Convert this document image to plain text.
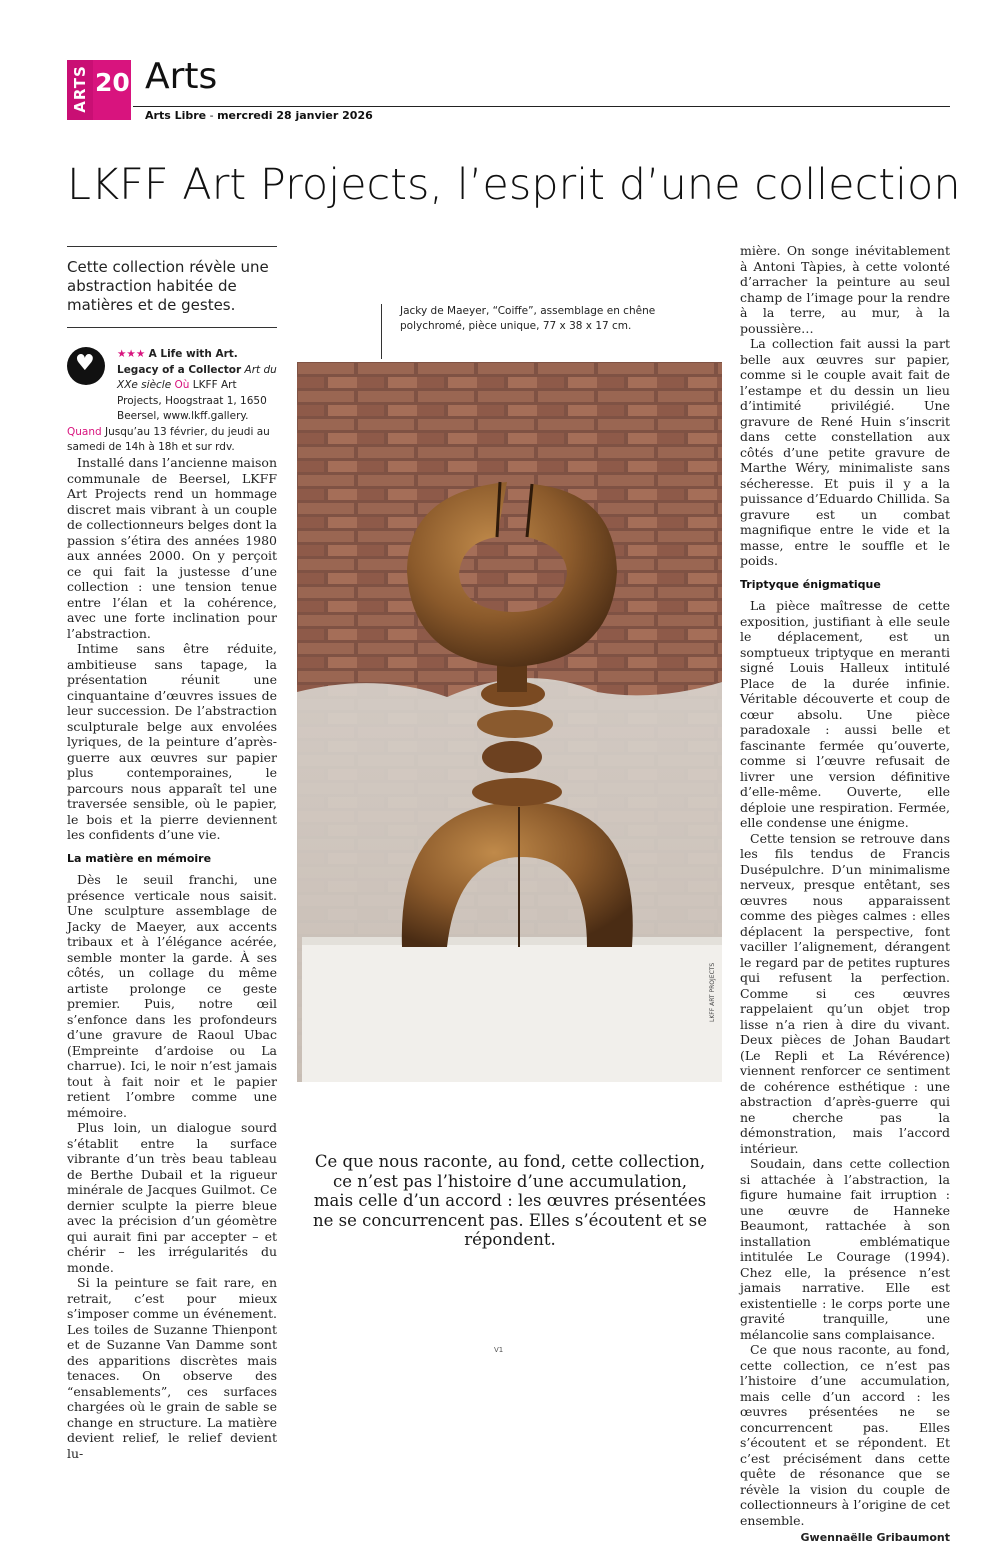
ARTS 20 Arts
Arts Libre - mercredi 28 janvier 2026
LKFF Art Projects, l’esprit d’une collection
Cette collection révèle une abstraction habitée de matières et de gestes.
♥	★★★ A Life with Art. Legacy of a Collector Art du XXe siècle Où LKFF Art Projects, Hoogstraat 1, 1650 Beersel, www.lkff.gallery.
Quand Jusqu’au 13 février, du jeudi au samedi de 14h à 18h et sur rdv.

Installé dans l’ancienne maison communale de Beersel, LKFF Art Projects rend un hommage discret mais vibrant à un couple de collectionneurs belges dont la passion s’étira des années 1980 aux années 2000. On y perçoit ce qui fait la justesse d’une collection : une tension tenue entre l’élan et la cohérence, avec une forte inclination pour l’abstraction.

Intime sans être réduite, ambitieuse sans tapage, la présentation réunit une cinquantaine d’œuvres issues de leur succession. De l’abstraction sculpturale belge aux envolées lyriques, de la peinture d’après-guerre aux œuvres sur papier plus contemporaines, le parcours nous apparaît tel une traversée sensible, où le papier, le bois et la pierre deviennent les confidents d’une vie.

La matière en mémoire

Dès le seuil franchi, une présence verticale nous saisit. Une sculpture assemblage de Jacky de Maeyer, aux accents tribaux et à l’élégance acérée, semble monter la garde. À ses côtés, un collage du même artiste prolonge ce geste premier. Puis, notre œil s’enfonce dans les profondeurs d’une gravure de Raoul Ubac (Empreinte d’ardoise ou La charrue). Ici, le noir n’est jamais tout à fait noir et le papier retient l’ombre comme une mémoire.

Plus loin, un dialogue sourd s’établit entre la surface vibrante d’un très beau tableau de Berthe Dubail et la rigueur minérale de Jacques Guilmot. Ce dernier sculpte la pierre bleue avec la précision d’un géomètre qui aurait fini par accepter – et chérir – les irrégularités du monde.

Si la peinture se fait rare, en retrait, c’est pour mieux s’imposer comme un événement. Les toiles de Suzanne Thienpont et de Suzanne Van Damme sont des apparitions discrètes mais tenaces. On observe des “ensablements”, ces surfaces chargées où le grain de sable se change en structure. La matière devient relief, le relief devient lu-

Jacky de Maeyer, “Coiffe”, assemblage en chêne polychromé, pièce unique, 77 x 38 x 17 cm.
LKFF ART PROJECTS
Ce que nous raconte, au fond, cette collection, ce n’est pas l’histoire d’une accumulation, mais celle d’un accord : les œuvres présentées ne se concurrencent pas. Elles s’écoutent et se répondent.

mière. On songe inévitablement à Antoni Tàpies, à cette volonté d’arracher la peinture au seul champ de l’image pour la rendre à la terre, au mur, à la poussière…

La collection fait aussi la part belle aux œuvres sur papier, comme si le couple avait fait de l’estampe et du dessin un lieu d’intimité privilégié. Une gravure de René Huin s’inscrit dans cette constellation aux côtés d’une petite gravure de Marthe Wéry, minimaliste sans sécheresse. Et puis il y a la puissance d’Eduardo Chillida. Sa gravure est un combat magnifique entre le vide et la masse, entre le souffle et le poids.

Triptyque énigmatique

La pièce maîtresse de cette exposition, justifiant à elle seule le déplacement, est un somptueux triptyque en meranti signé Louis Halleux intitulé Place de la durée infinie. Véritable découverte et coup de cœur absolu. Une pièce paradoxale : aussi belle et fascinante fermée qu’ouverte, comme si l’œuvre refusait de livrer une version définitive d’elle-même. Ouverte, elle déploie une respiration. Fermée, elle condense une énigme.

Cette tension se retrouve dans les fils tendus de Francis Dusépulchre. D’un minimalisme nerveux, presque entêtant, ses œuvres nous apparaissent comme des pièges calmes : elles déplacent la perspective, font vaciller l’alignement, dérangent le regard par de petites ruptures qui refusent la perfection. Comme si ces œuvres rappelaient qu’un objet trop lisse n’a rien à dire du vivant. Deux pièces de Johan Baudart (Le Repli et La Révérence) viennent renforcer ce sentiment de cohérence esthétique : une abstraction d’après-guerre qui ne cherche pas la démonstration, mais l’accord intérieur.

Soudain, dans cette collection si attachée à l’abstraction, la figure humaine fait irruption : une œuvre de Hanneke Beaumont, rattachée à son installation emblématique intitulée Le Courage (1994). Chez elle, la présence n’est jamais narrative. Elle est existentielle : le corps porte une gravité tranquille, une mélancolie sans complaisance.

Ce que nous raconte, au fond, cette collection, ce n’est pas l’histoire d’une accumulation, mais celle d’un accord : les œuvres présentées ne se concurrencent pas. Elles s’écoutent et se répondent. Et c’est précisément dans cette quête de résonance que se révèle la vision du couple de collectionneurs à l’origine de cet ensemble.

Gwennaëlle Gribaumont
V1
